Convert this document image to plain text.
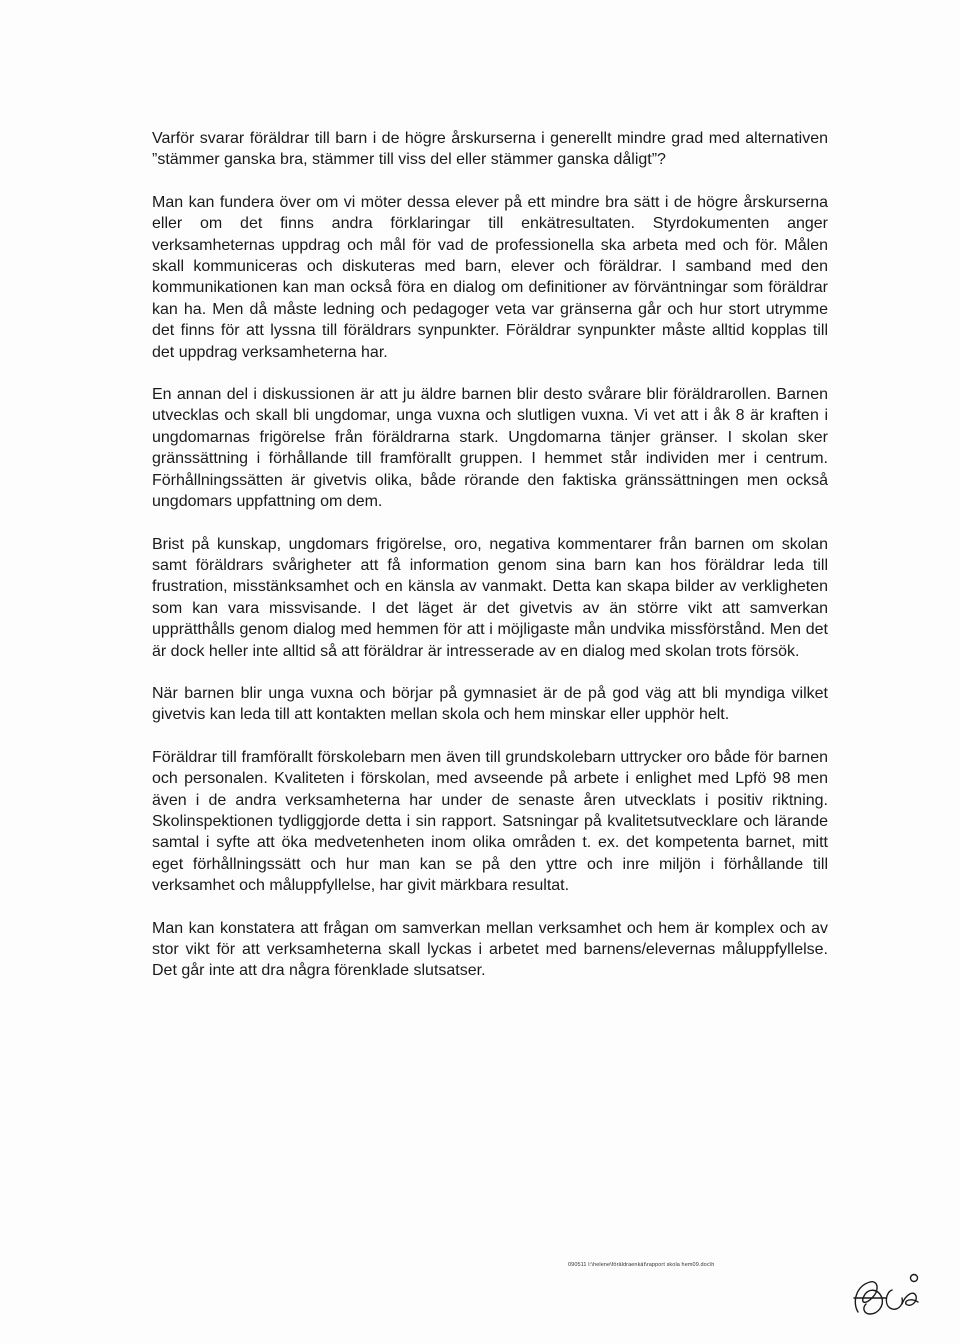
Varför svarar föräldrar till barn i de högre årskurserna i generellt mindre grad med alternativen ”stämmer ganska bra, stämmer till viss del eller stämmer ganska dåligt”?

Man kan fundera över om vi möter dessa elever på ett mindre bra sätt i de högre årskurserna eller om det finns andra förklaringar till enkätresultaten. Styrdokumenten anger verksamheternas uppdrag och mål för vad de professionella ska arbeta med och för. Målen skall kommuniceras och diskuteras med barn, elever och föräldrar. I samband med den kommunikationen kan man också föra en dialog om definitioner av förväntningar som föräldrar kan ha. Men då måste ledning och pedagoger veta var gränserna går och hur stort utrymme det finns för att lyssna till föräldrars synpunkter. Föräldrar synpunkter måste alltid kopplas till det uppdrag verksamheterna har.

En annan del i diskussionen är att ju äldre barnen blir desto svårare blir föräldrarollen. Barnen utvecklas och skall bli ungdomar, unga vuxna och slutligen vuxna. Vi vet att i åk 8 är kraften i ungdomarnas frigörelse från föräldrarna stark. Ungdomarna tänjer gränser. I skolan sker gränssättning i förhållande till framförallt gruppen. I hemmet står individen mer i centrum. Förhållningssätten är givetvis olika, både rörande den faktiska gränssättningen men också ungdomars uppfattning om dem.

Brist på kunskap, ungdomars frigörelse, oro, negativa kommentarer från barnen om skolan samt föräldrars svårigheter att få information genom sina barn kan hos föräldrar leda till frustration, misstänksamhet och en känsla av vanmakt. Detta kan skapa bilder av verkligheten som kan vara missvisande. I det läget är det givetvis av än större vikt att samverkan upprätthålls genom dialog med hemmen för att i möjligaste mån undvika missförstånd. Men det är dock heller inte alltid så att föräldrar är intresserade av en dialog med skolan trots försök.

När barnen blir unga vuxna och börjar på gymnasiet är de på god väg att bli myndiga vilket givetvis kan leda till att kontakten mellan skola och hem minskar eller upphör helt.

Föräldrar till framförallt förskolebarn men även till grundskolebarn uttrycker oro både för barnen och personalen. Kvaliteten i förskolan, med avseende på arbete i enlighet med Lpfö 98 men även i de andra verksamheterna har under de senaste åren utvecklats i positiv riktning. Skolinspektionen tydliggjorde detta i sin rapport. Satsningar på kvalitetsutvecklare och lärande samtal i syfte att öka medvetenheten inom olika områden t. ex. det kompetenta barnet, mitt eget förhållningssätt och hur man kan se på den yttre och inre miljön i förhållande till verksamhet och måluppfyllelse, har givit märkbara resultat.

Man kan konstatera att frågan om samverkan mellan verksamhet och hem är komplex och av stor vikt för att verksamheterna skall lyckas i arbetet med barnens/elevernas måluppfyllelse. Det går inte att dra några förenklade slutsatser.

090511 I:\helene\föräldraenkät\rapport skola hem09.doc\h
